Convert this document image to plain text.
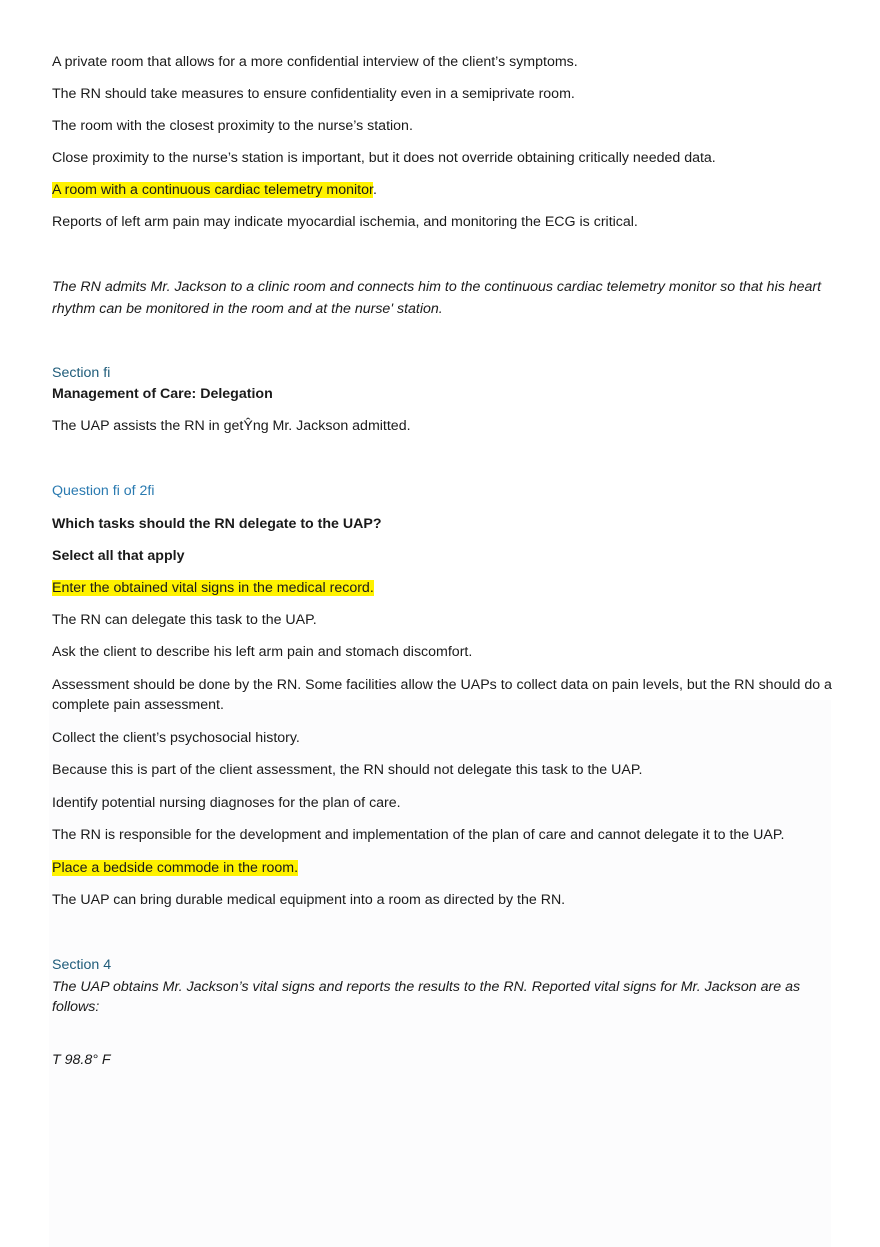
A private room that allows for a more confidential interview of the client’s symptoms.

The RN should take measures to ensure confidentiality even in a semiprivate room.

The room with the closest proximity to the nurse’s station.

Close proximity to the nurse’s station is important, but it does not override obtaining critically needed data.

A room with a continuous cardiac telemetry monitor.

Reports of left arm pain may indicate myocardial ischemia, and monitoring the ECG is critical.

The RN admits Mr. Jackson to a clinic room and connects him to the continuous cardiac telemetry monitor so that his heart rhythm can be monitored in the room and at the nurse' station.

Section ﬁ

Management of Care: Delegation

The UAP assists the RN in getŶng Mr. Jackson admitted.

Question ﬁ of 2ﬁ

Which tasks should the RN delegate to the UAP?

Select all that apply

Enter the obtained vital signs in the medical record.

The RN can delegate this task to the UAP.

Ask the client to describe his left arm pain and stomach discomfort.

Assessment should be done by the RN. Some facilities allow the UAPs to collect data on pain levels, but the RN should do a complete pain assessment.

Collect the client’s psychosocial history.

Because this is part of the client assessment, the RN should not delegate this task to the UAP.

Identify potential nursing diagnoses for the plan of care.

The RN is responsible for the development and implementation of the plan of care and cannot delegate it to the UAP.

Place a bedside commode in the room.

The UAP can bring durable medical equipment into a room as directed by the RN.

Section 4

The UAP obtains Mr. Jackson’s vital signs and reports the results to the RN. Reported vital signs for Mr. Jackson are as follows:

T 98.8° F
